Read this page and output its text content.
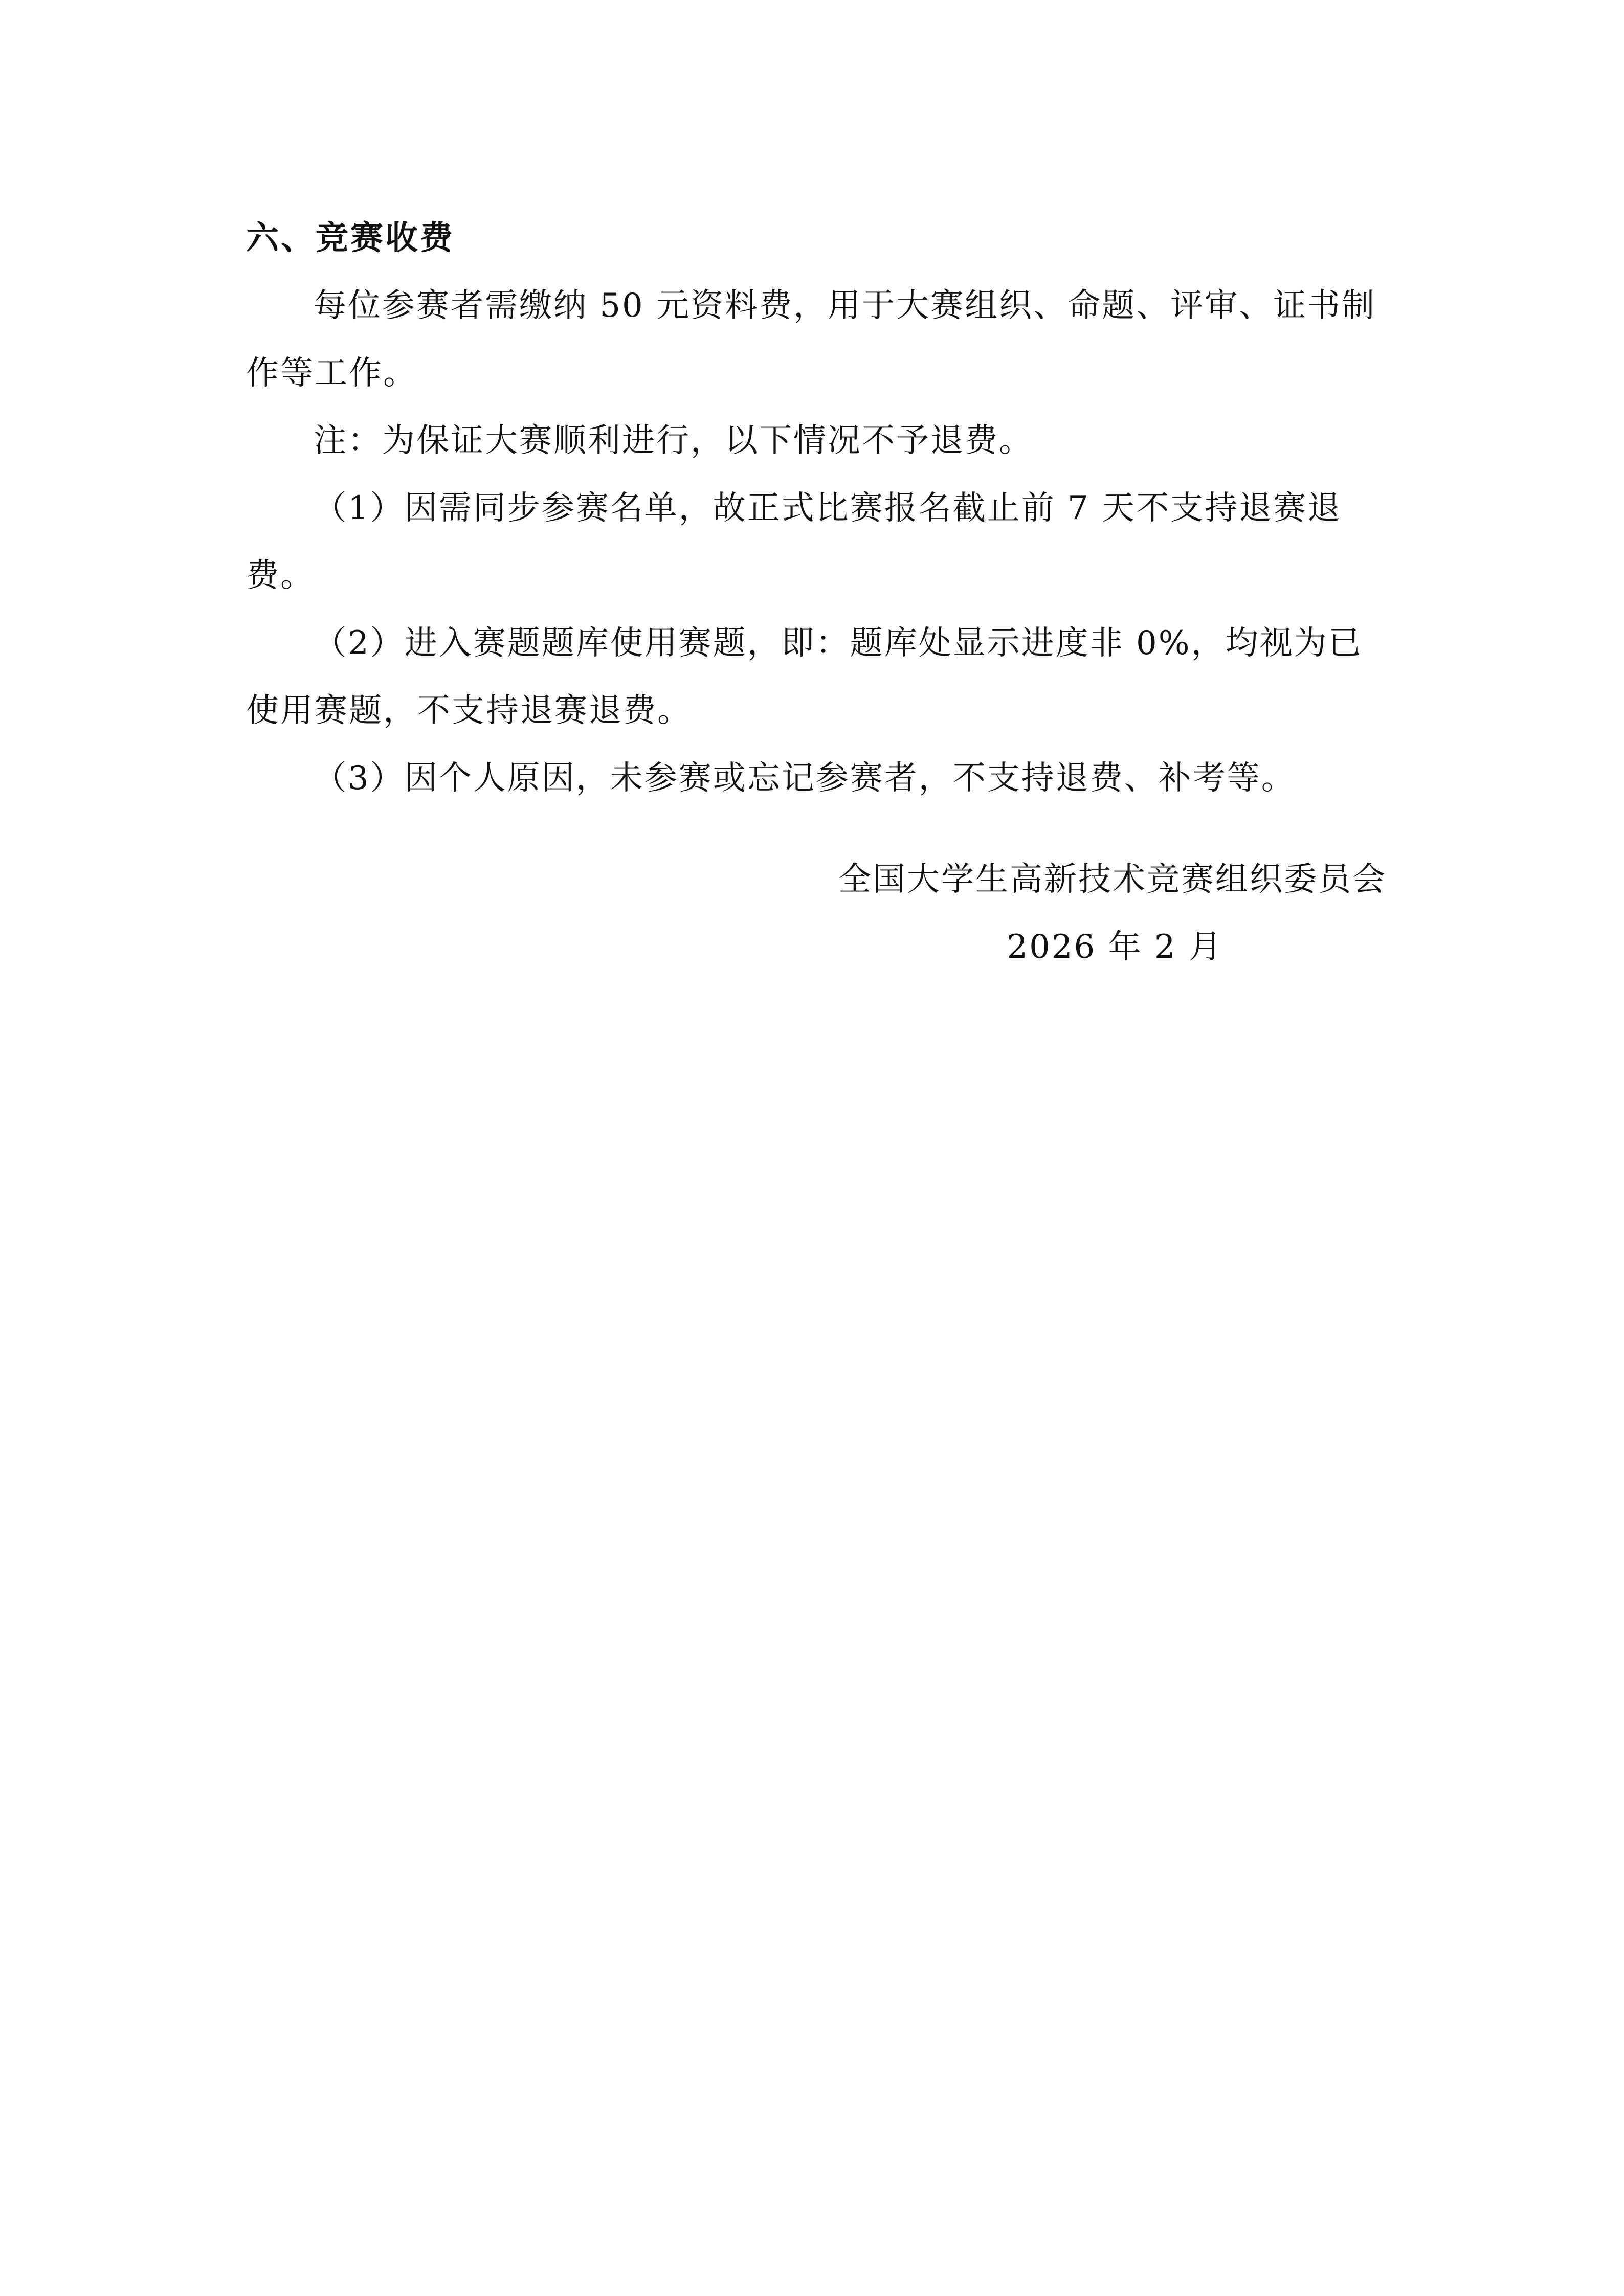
六、竞赛收费

每位参赛者需缴纳 50 元资料费，用于大赛组织、命题、评审、证书制作等工作。

注：为保证大赛顺利进行，以下情况不予退费。

（1）因需同步参赛名单，故正式比赛报名截止前 7 天不支持退赛退费。

（2）进入赛题题库使用赛题，即：题库处显示进度非 0%，均视为已使用赛题，不支持退赛退费。

（3）因个人原因，未参赛或忘记参赛者，不支持退费、补考等。

全国大学生高新技术竞赛组织委员会

2026 年 2 月
